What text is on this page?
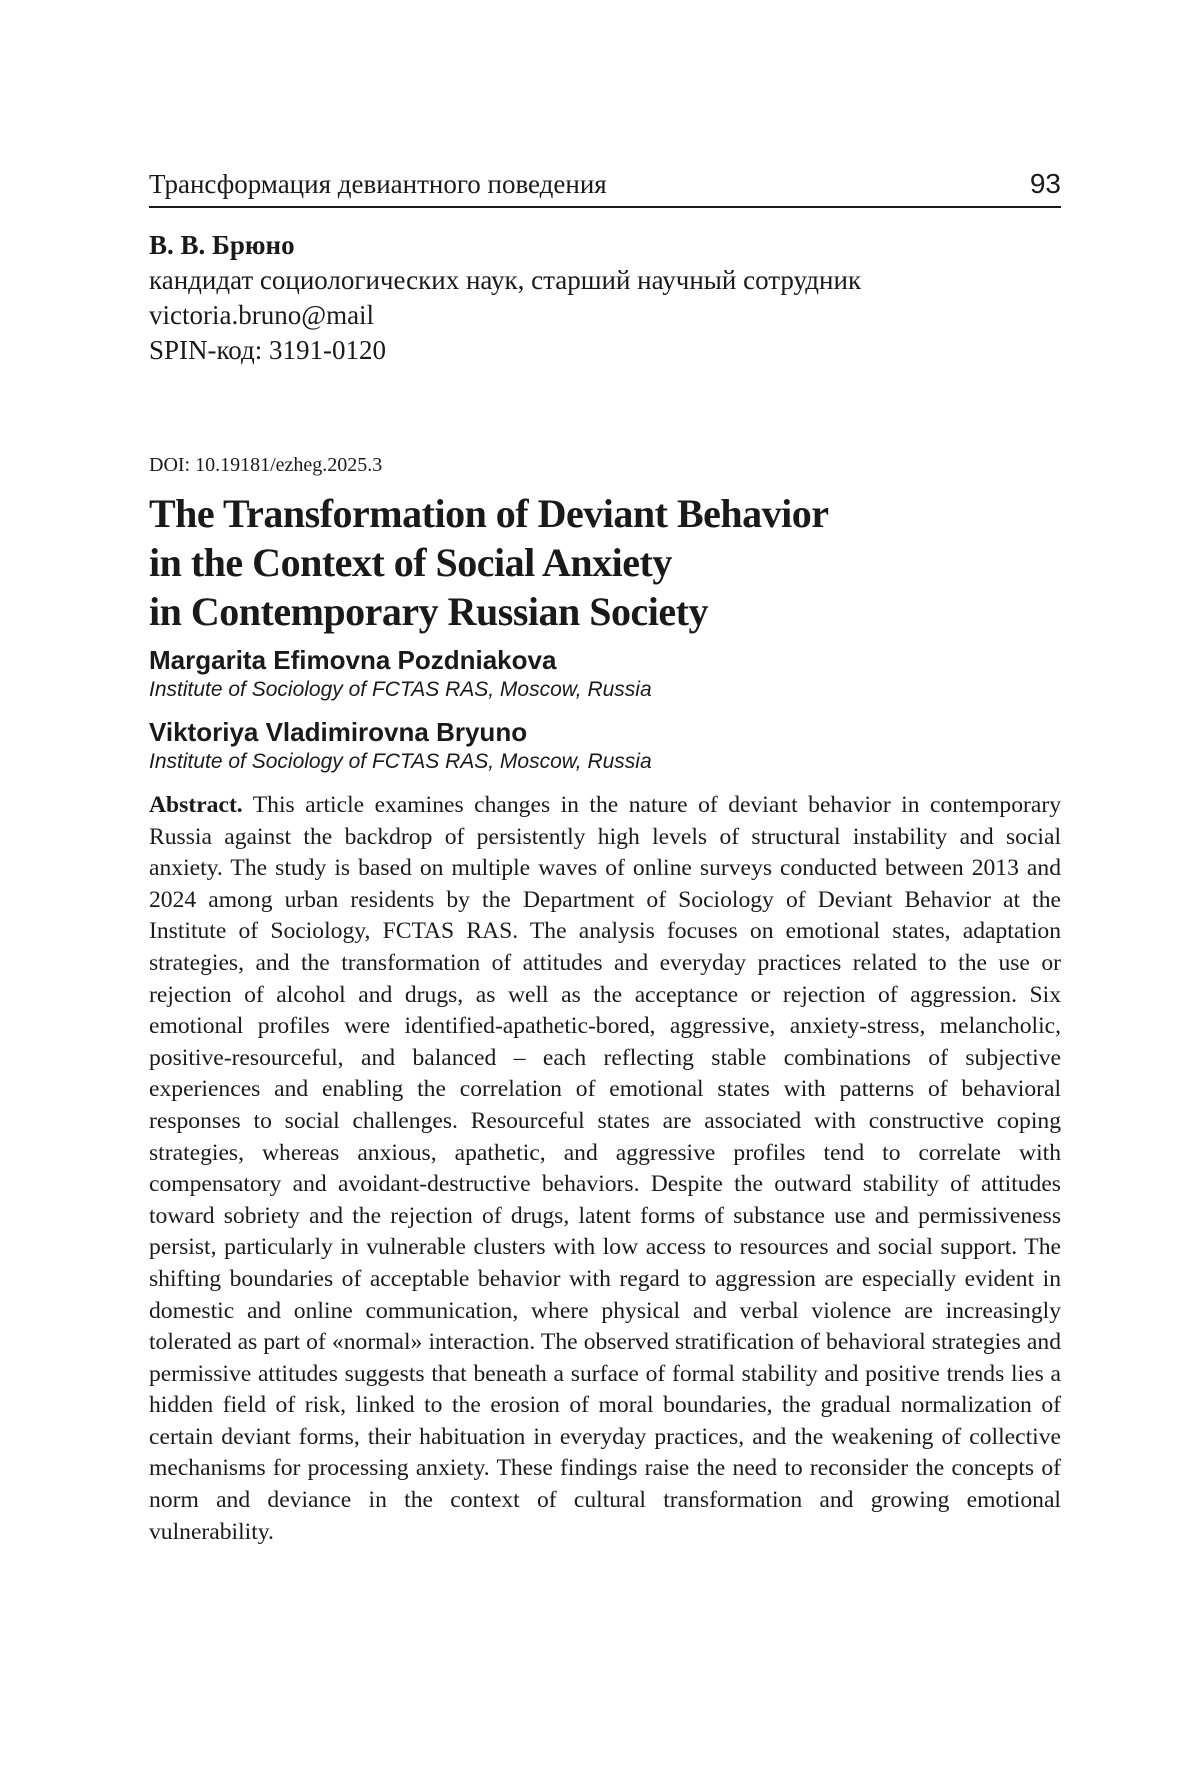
Трансформация девиантного поведения	93
В. В. Брюно
кандидат социологических наук, старший научный сотрудник
victoria.bruno@mail
SPIN-код: 3191-0120
DOI: 10.19181/ezheg.2025.3
The Transformation of Deviant Behavior
in the Context of Social Anxiety
in Contemporary Russian Society
Margarita Efimovna Pozdniakova
Institute of Sociology of FCTAS RAS, Moscow, Russia
Viktoriya Vladimirovna Bryuno
Institute of Sociology of FCTAS RAS, Moscow, Russia

Abstract. This article examines changes in the nature of deviant behavior in contemporary Russia against the backdrop of persistently high levels of structural instability and social anxiety. The study is based on multiple waves of online surveys conducted between 2013 and 2024 among urban residents by the Department of Sociology of Deviant Behavior at the Institute of Sociology, FCTAS RAS. The analysis focuses on emotional states, adaptation strategies, and the transformation of attitudes and everyday practices related to the use or rejection of alcohol and drugs, as well as the acceptance or rejection of aggression. Six emotional profiles were identified-apathetic-bored, aggressive, anxiety-stress, melancholic, positive-resourceful, and balanced – each reflecting stable combinations of subjective experiences and enabling the correlation of emotional states with patterns of behavioral responses to social challenges. Resourceful states are associated with constructive coping strategies, whereas anxious, apathetic, and aggressive profiles tend to correlate with compensatory and avoidant-destructive behaviors. Despite the outward stability of attitudes toward sobriety and the rejection of drugs, latent forms of substance use and permissiveness persist, particularly in vulnerable clusters with low access to resources and social support. The shifting boundaries of acceptable behavior with regard to aggression are especially evident in domestic and online communication, where physical and verbal violence are increasingly tolerated as part of «normal» interaction. The observed stratification of behavioral strategies and permissive attitudes suggests that beneath a surface of formal stability and positive trends lies a hidden field of risk, linked to the erosion of moral boundaries, the gradual normalization of certain deviant forms, their habituation in everyday practices, and the weakening of collective mechanisms for processing anxiety. These findings raise the need to reconsider the concepts of norm and deviance in the context of cultural transformation and growing emotional vulnerability.
